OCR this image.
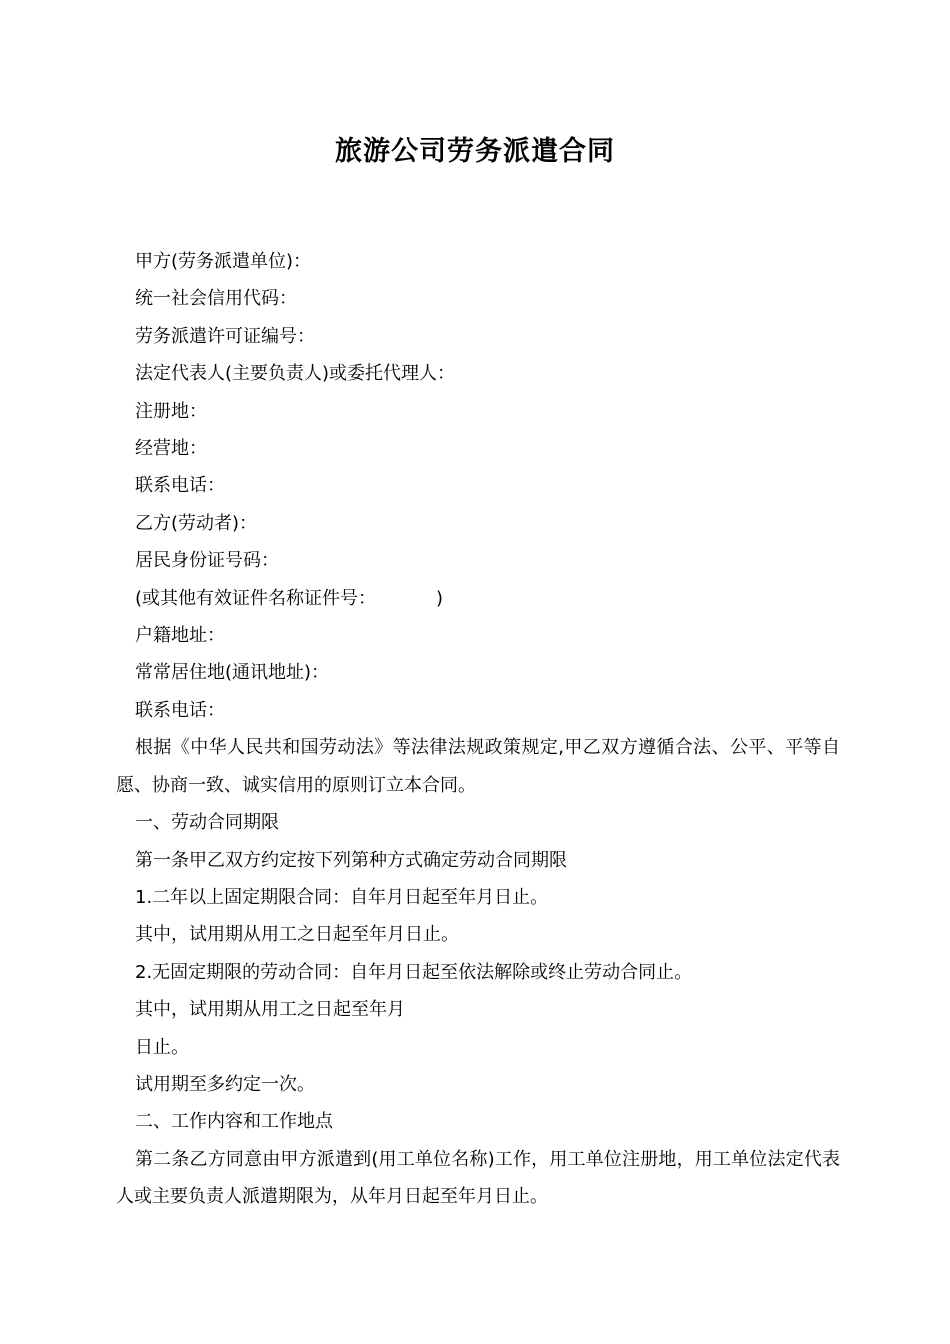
旅游公司劳务派遣合同

甲方(劳务派遣单位)：

统一社会信用代码：

劳务派遣许可证编号：

法定代表人(主要负责人)或委托代理人：

注册地：

经营地：

联系电话：

乙方(劳动者)：

居民身份证号码：

(或其他有效证件名称证件号：	)

户籍地址：

常常居住地(通讯地址)：

联系电话：

根据《中华人民共和国劳动法》等法律法规政策规定,甲乙双方遵循合法、公平、平等自愿、协商一致、诚实信用的原则订立本合同。

一、劳动合同期限

第一条甲乙双方约定按下列第种方式确定劳动合同期限

1.二年以上固定期限合同：自年月日起至年月日止。

其中，试用期从用工之日起至年月日止。

2.无固定期限的劳动合同：自年月日起至依法解除或终止劳动合同止。

其中，试用期从用工之日起至年月

日止。

试用期至多约定一次。

二、工作内容和工作地点

第二条乙方同意由甲方派遣到(用工单位名称)工作，用工单位注册地，用工单位法定代表人或主要负责人派遣期限为，从年月日起至年月日止。
